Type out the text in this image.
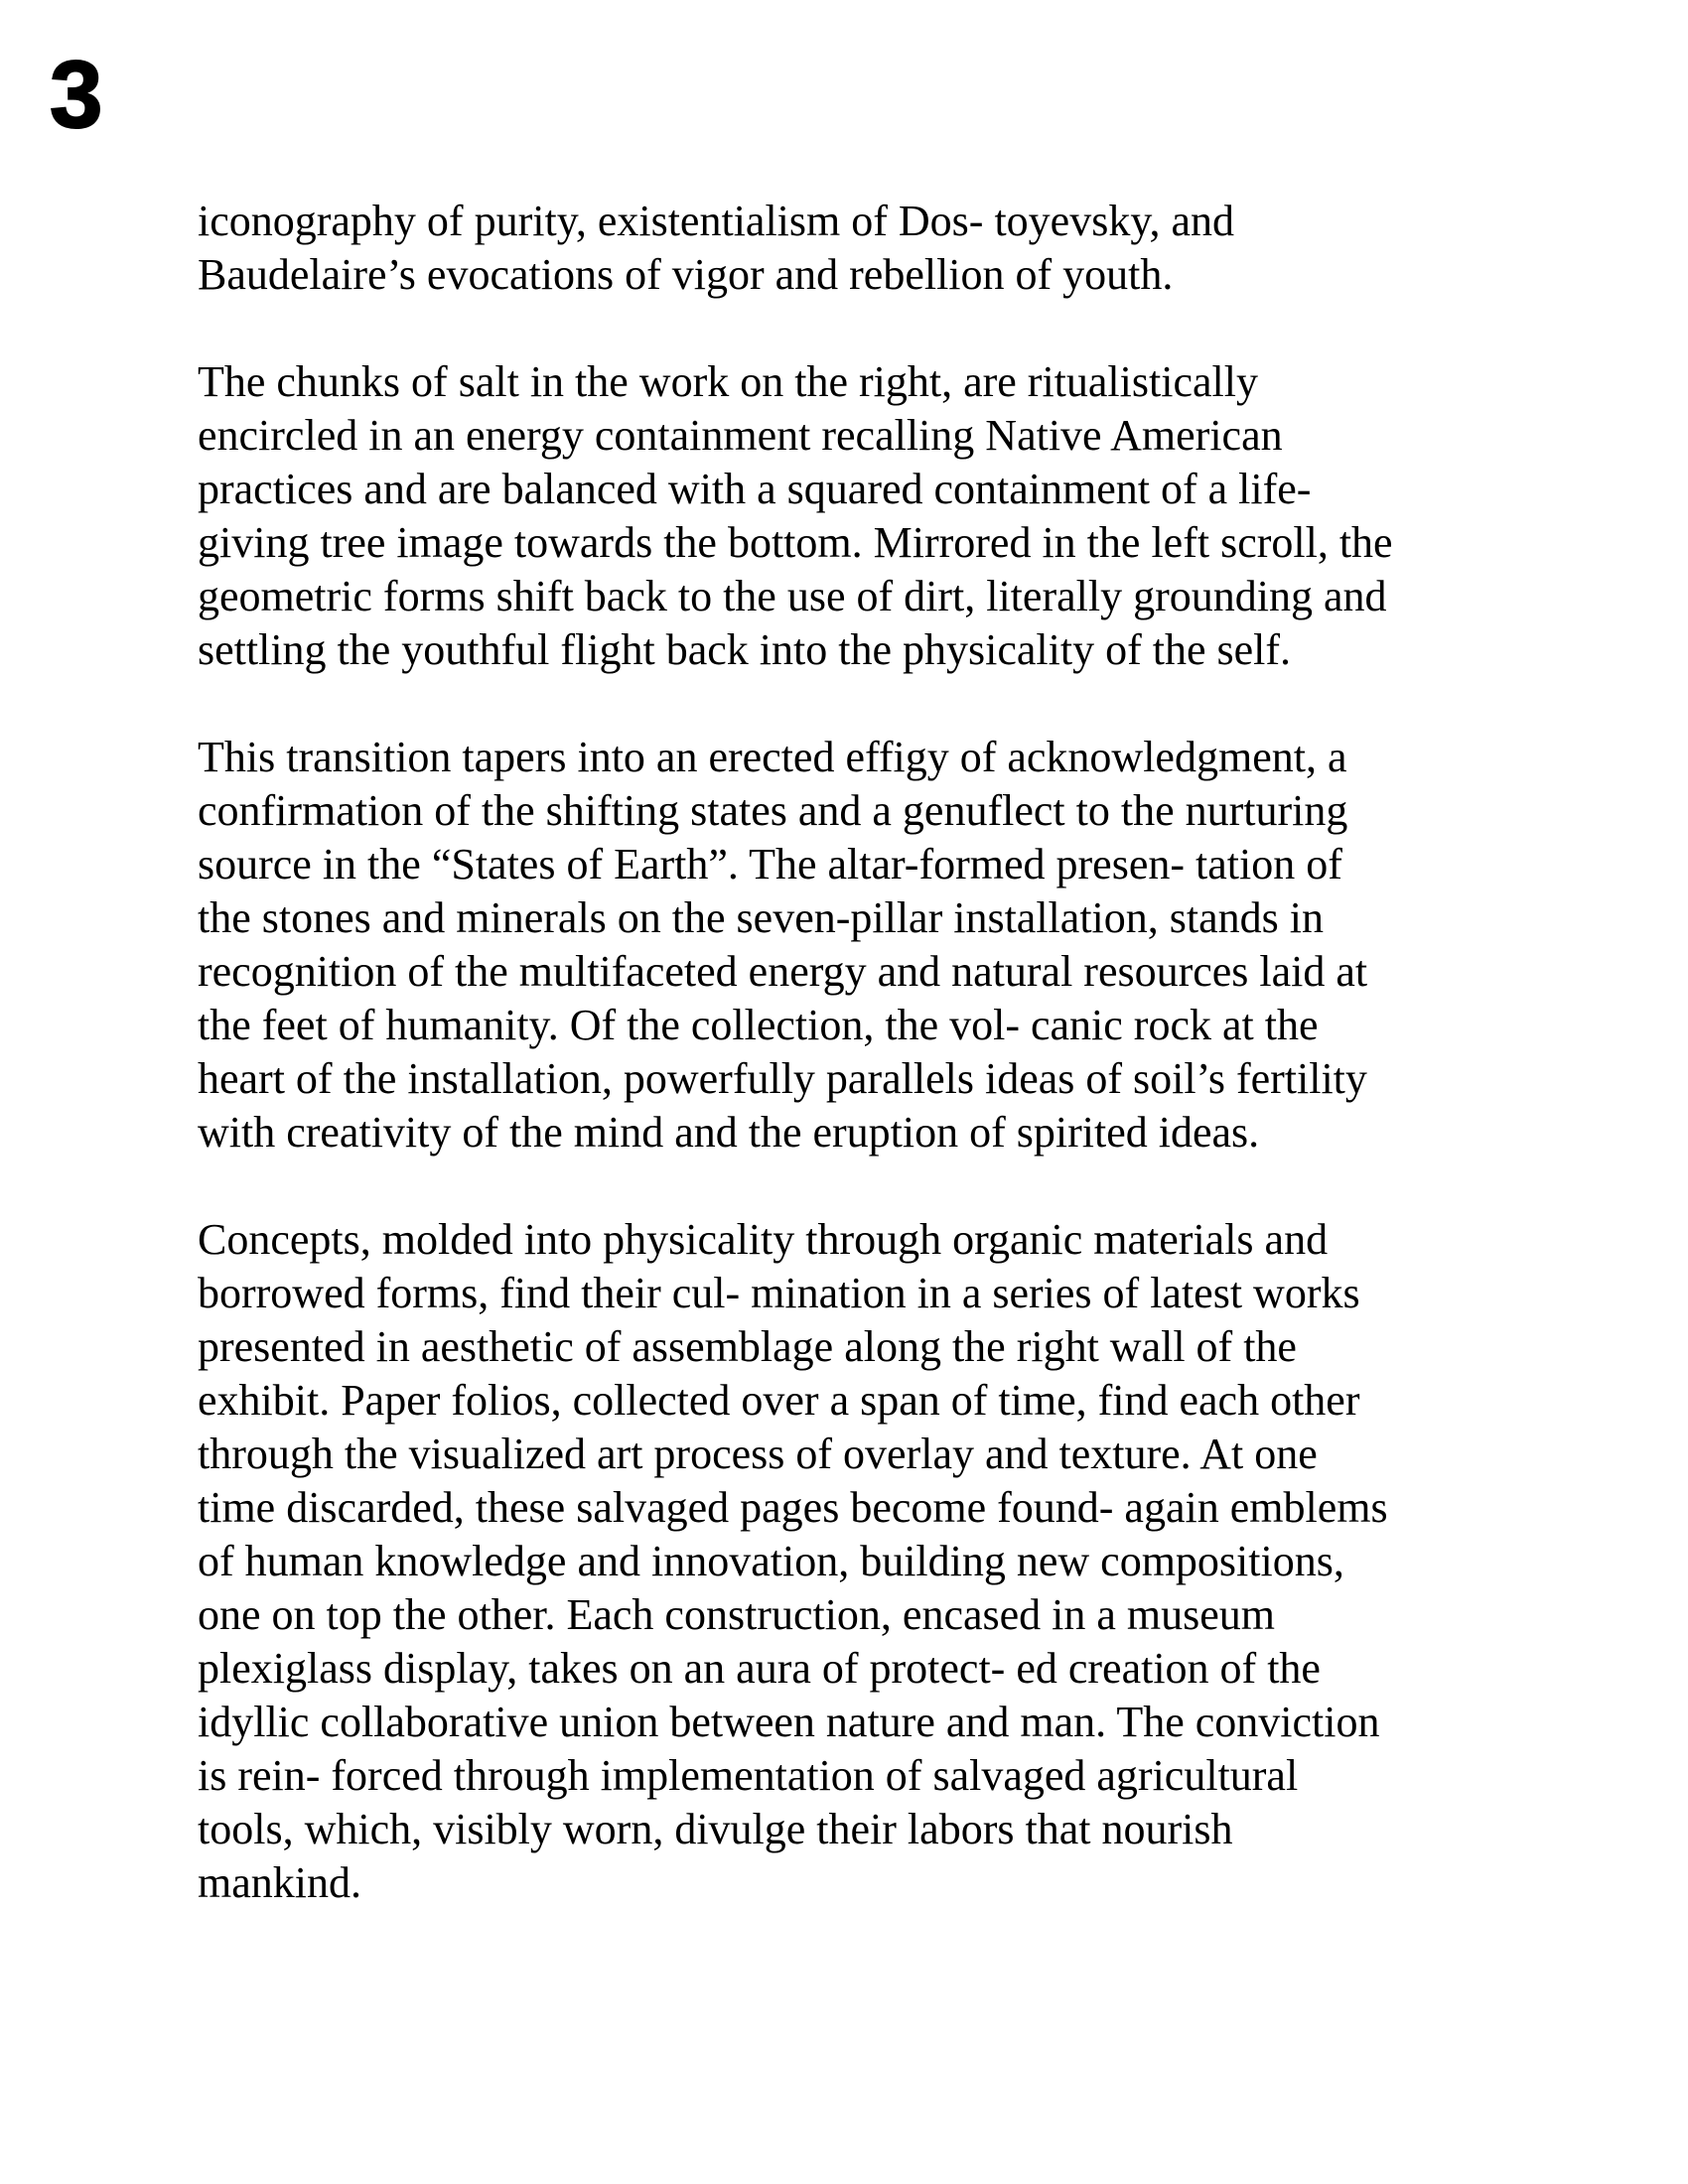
3
iconography of purity, existentialism of Dos- toyevsky, and
Baudelaire’s evocations of vigor and rebellion of youth.
The chunks of salt in the work on the right, are ritualistically
encircled in an energy containment recalling Native American
practices and are balanced with a squared containment of a life-
giving tree image towards the bottom. Mirrored in the left scroll, the
geometric forms shift back to the use of dirt, literally grounding and
settling the youthful flight back into the physicality of the self.
This transition tapers into an erected effigy of acknowledgment, a
confirmation of the shifting states and a genuflect to the nurturing
source in the “States of Earth”. The altar-formed presen- tation of
the stones and minerals on the seven-pillar installation, stands in
recognition of the multifaceted energy and natural resources laid at
the feet of humanity. Of the collection, the vol- canic rock at the
heart of the installation, powerfully parallels ideas of soil’s fertility
with creativity of the mind and the eruption of spirited ideas.
Concepts, molded into physicality through organic materials and
borrowed forms, find their cul- mination in a series of latest works
presented in aesthetic of assemblage along the right wall of the
exhibit. Paper folios, collected over a span of time, find each other
through the visualized art process of overlay and texture. At one
time discarded, these salvaged pages become found- again emblems
of human knowledge and innovation, building new compositions,
one on top the other. Each construction, encased in a museum
plexiglass display, takes on an aura of protect- ed creation of the
idyllic collaborative union between nature and man. The conviction
is rein- forced through implementation of salvaged agricultural
tools, which, visibly worn, divulge their labors that nourish
mankind.
